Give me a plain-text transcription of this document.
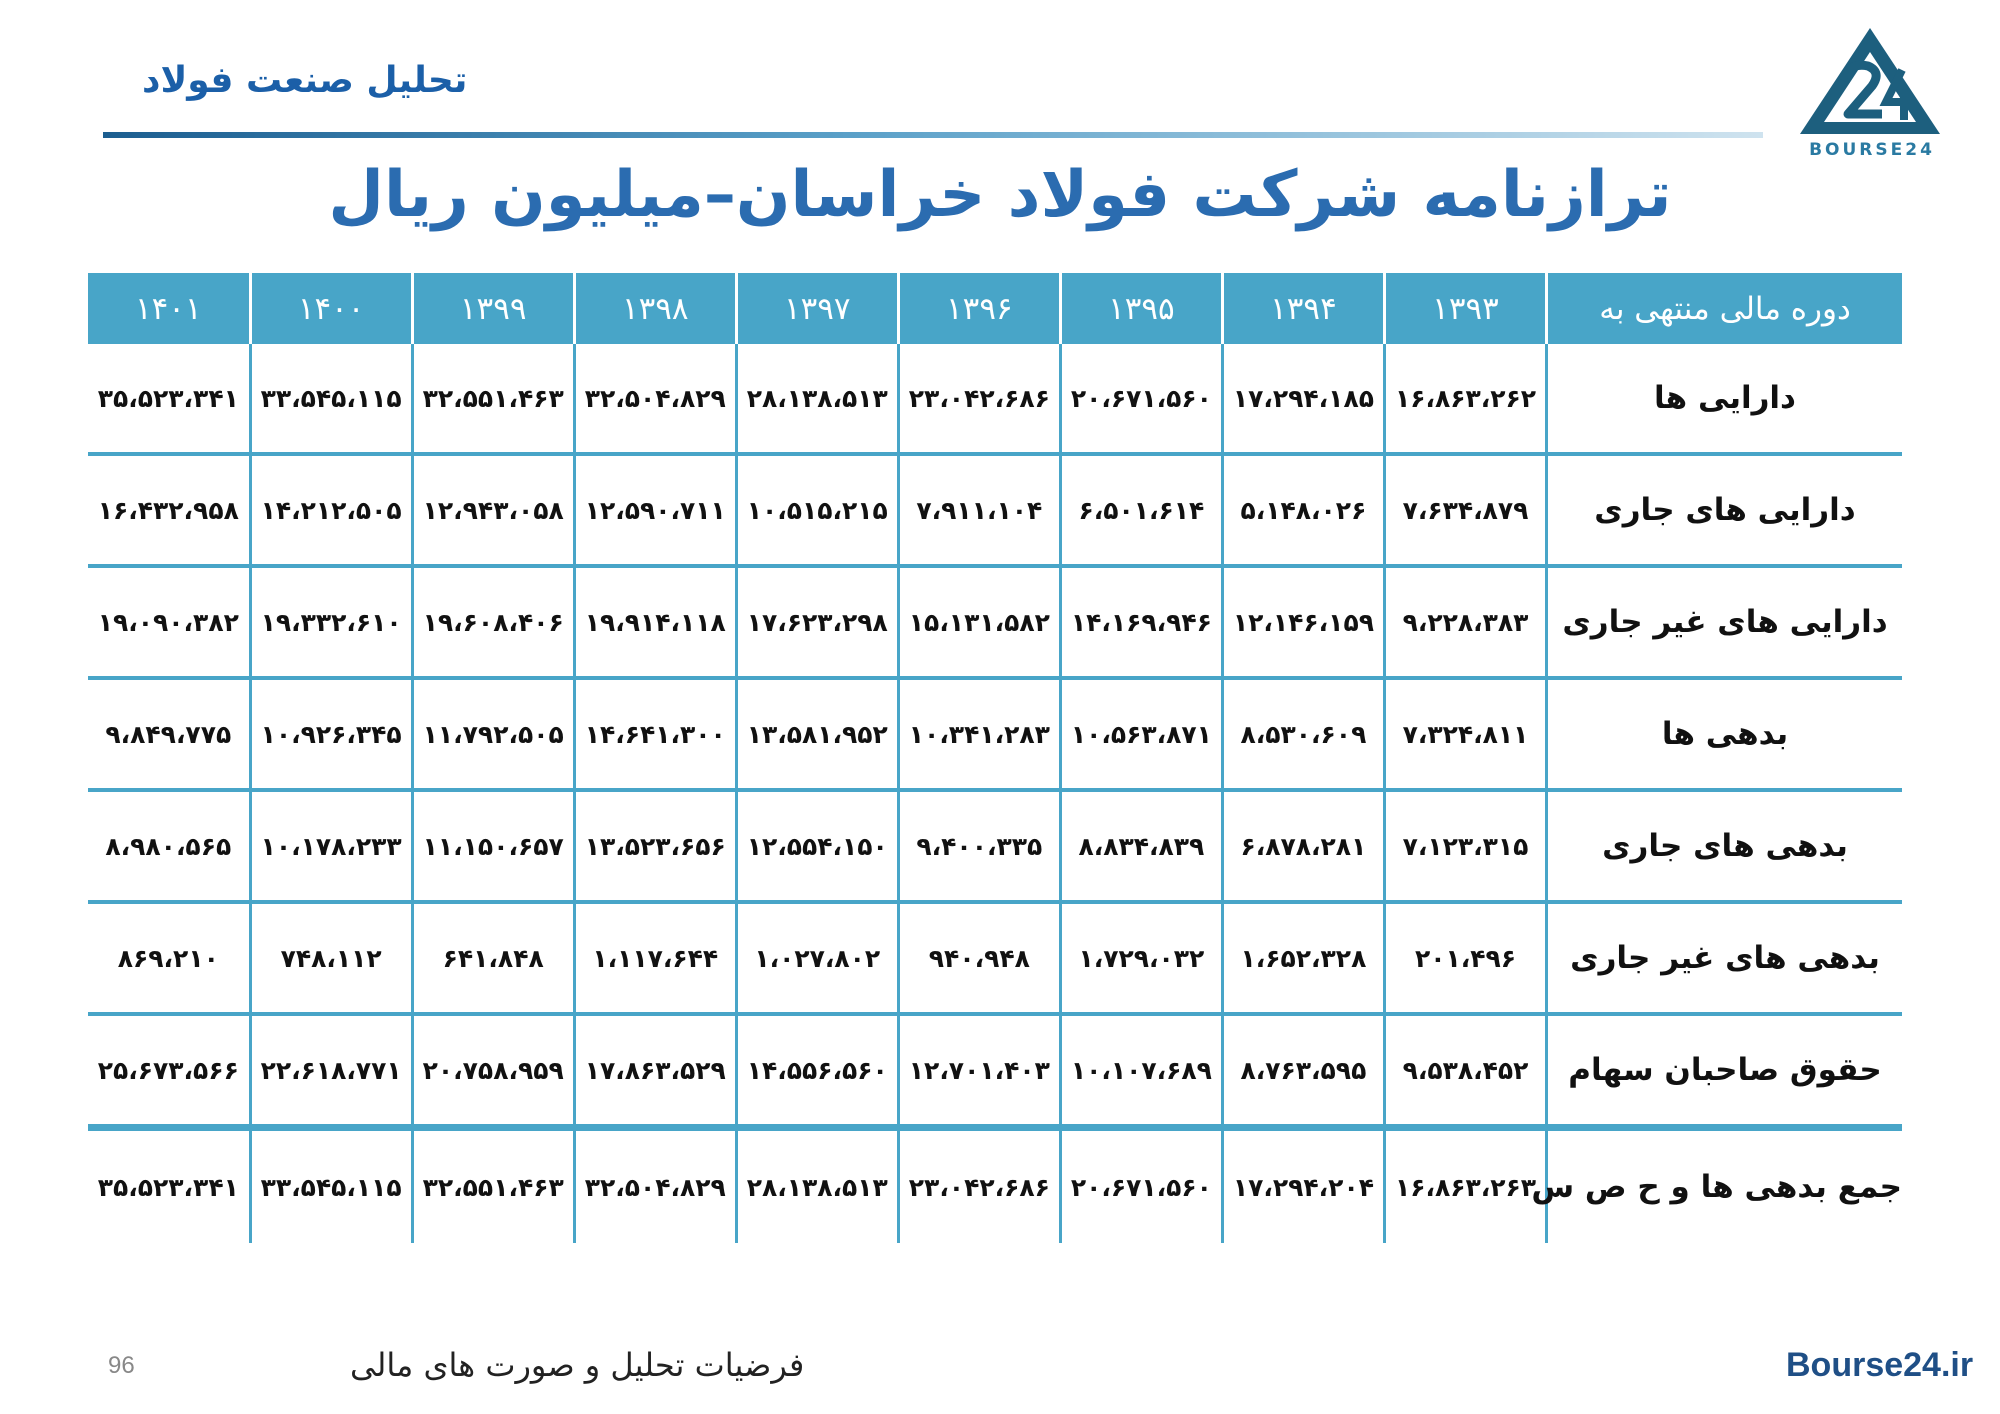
تحلیل صنعت فولاد
BOURSE24
ترازنامه شرکت فولاد خراسان–میلیون ریال
دوره مالی منتهی به	۱۳۹۳	۱۳۹۴	۱۳۹۵	۱۳۹۶	۱۳۹۷	۱۳۹۸	۱۳۹۹	۱۴۰۰	۱۴۰۱
دارایی ها	۱۶،۸۶۳،۲۶۲	۱۷،۲۹۴،۱۸۵	۲۰،۶۷۱،۵۶۰	۲۳،۰۴۲،۶۸۶	۲۸،۱۳۸،۵۱۳	۳۲،۵۰۴،۸۲۹	۳۲،۵۵۱،۴۶۳	۳۳،۵۴۵،۱۱۵	۳۵،۵۲۳،۳۴۱
دارایی های جاری	۷،۶۳۴،۸۷۹	۵،۱۴۸،۰۲۶	۶،۵۰۱،۶۱۴	۷،۹۱۱،۱۰۴	۱۰،۵۱۵،۲۱۵	۱۲،۵۹۰،۷۱۱	۱۲،۹۴۳،۰۵۸	۱۴،۲۱۲،۵۰۵	۱۶،۴۳۲،۹۵۸
دارایی های غیر جاری	۹،۲۲۸،۳۸۳	۱۲،۱۴۶،۱۵۹	۱۴،۱۶۹،۹۴۶	۱۵،۱۳۱،۵۸۲	۱۷،۶۲۳،۲۹۸	۱۹،۹۱۴،۱۱۸	۱۹،۶۰۸،۴۰۶	۱۹،۳۳۲،۶۱۰	۱۹،۰۹۰،۳۸۲
بدهی ها	۷،۳۲۴،۸۱۱	۸،۵۳۰،۶۰۹	۱۰،۵۶۳،۸۷۱	۱۰،۳۴۱،۲۸۳	۱۳،۵۸۱،۹۵۲	۱۴،۶۴۱،۳۰۰	۱۱،۷۹۲،۵۰۵	۱۰،۹۲۶،۳۴۵	۹،۸۴۹،۷۷۵
بدهی های جاری	۷،۱۲۳،۳۱۵	۶،۸۷۸،۲۸۱	۸،۸۳۴،۸۳۹	۹،۴۰۰،۳۳۵	۱۲،۵۵۴،۱۵۰	۱۳،۵۲۳،۶۵۶	۱۱،۱۵۰،۶۵۷	۱۰،۱۷۸،۲۳۳	۸،۹۸۰،۵۶۵
بدهی های غیر جاری	۲۰۱،۴۹۶	۱،۶۵۲،۳۲۸	۱،۷۲۹،۰۳۲	۹۴۰،۹۴۸	۱،۰۲۷،۸۰۲	۱،۱۱۷،۶۴۴	۶۴۱،۸۴۸	۷۴۸،۱۱۲	۸۶۹،۲۱۰
حقوق صاحبان سهام	۹،۵۳۸،۴۵۲	۸،۷۶۳،۵۹۵	۱۰،۱۰۷،۶۸۹	۱۲،۷۰۱،۴۰۳	۱۴،۵۵۶،۵۶۰	۱۷،۸۶۳،۵۲۹	۲۰،۷۵۸،۹۵۹	۲۲،۶۱۸،۷۷۱	۲۵،۶۷۳،۵۶۶
جمع بدهی ها و ح ص س	۱۶،۸۶۳،۲۶۳	۱۷،۲۹۴،۲۰۴	۲۰،۶۷۱،۵۶۰	۲۳،۰۴۲،۶۸۶	۲۸،۱۳۸،۵۱۳	۳۲،۵۰۴،۸۲۹	۳۲،۵۵۱،۴۶۳	۳۳،۵۴۵،۱۱۵	۳۵،۵۲۳،۳۴۱
96	فرضیات تحلیل و صورت های مالی	Bourse24.ir
